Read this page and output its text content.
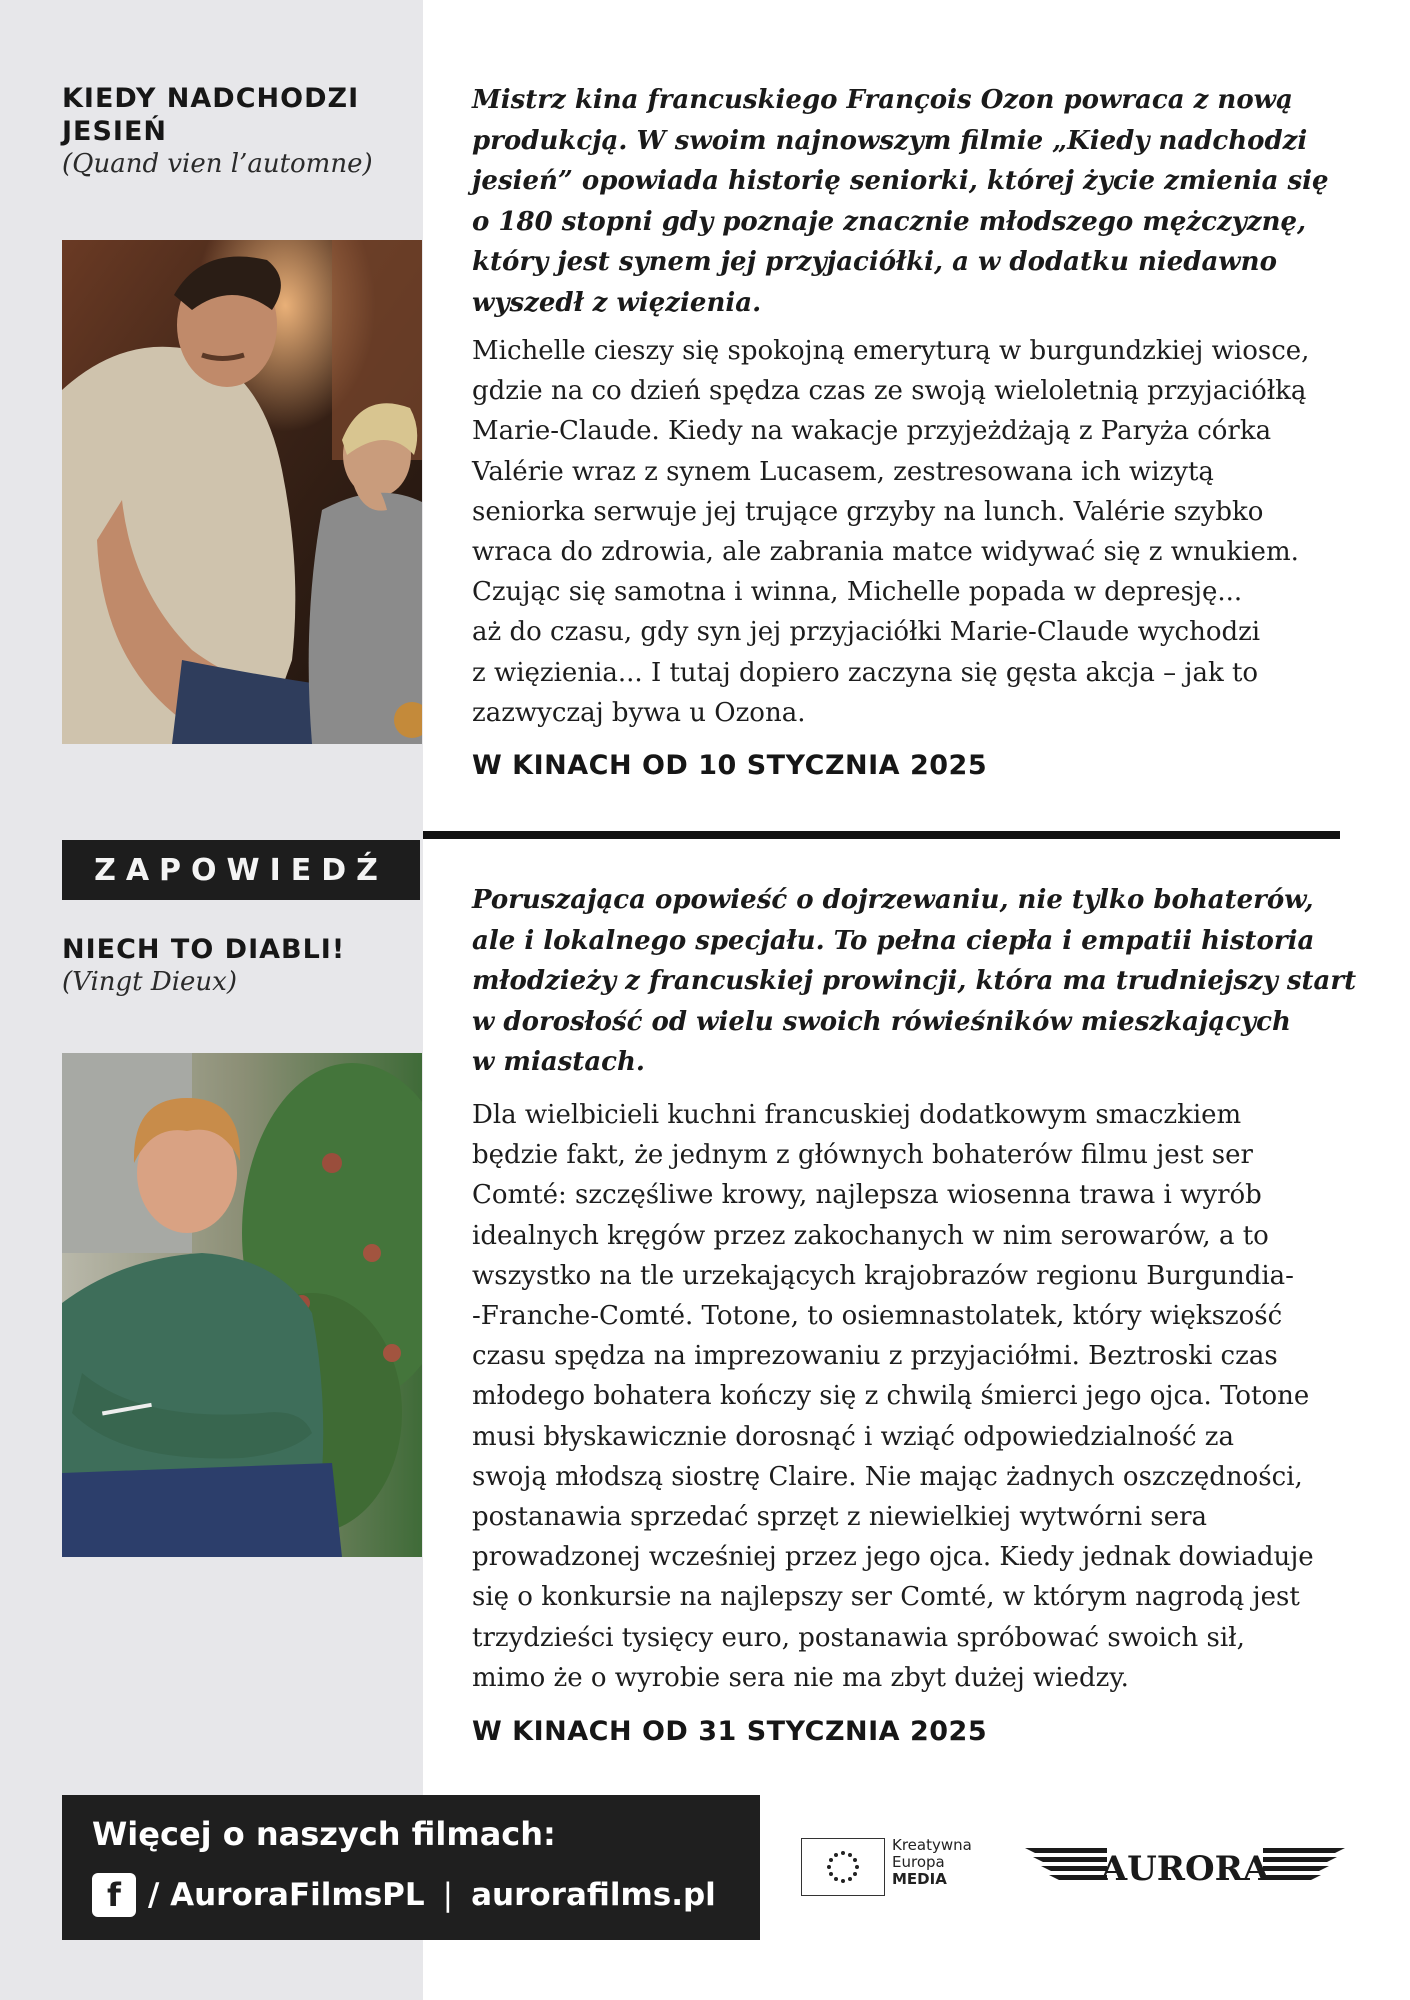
KIEDY NADCHODZI
JESIEŃ
(Quand vien l’automne)

Mistrz kina francuskiego François Ozon powraca z nową
produkcją. W swoim najnowszym filmie „Kiedy nadchodzi
jesień” opowiada historię seniorki, której życie zmienia się
o 180 stopni gdy poznaje znacznie młodszego mężczyznę,
który jest synem jej przyjaciółki, a w dodatku niedawno
wyszedł z więzienia.

Michelle cieszy się spokojną emeryturą w burgundzkiej wiosce,
gdzie na co dzień spędza czas ze swoją wieloletnią przyjaciółką
Marie-Claude. Kiedy na wakacje przyjeżdżają z Paryża córka
Valérie wraz z synem Lucasem, zestresowana ich wizytą
seniorka serwuje jej trujące grzyby na lunch. Valérie szybko
wraca do zdrowia, ale zabrania matce widywać się z wnukiem.
Czując się samotna i winna, Michelle popada w depresję...
aż do czasu, gdy syn jej przyjaciółki Marie-Claude wychodzi
z więzienia... I tutaj dopiero zaczyna się gęsta akcja – jak to
zazwyczaj bywa u Ozona.

W KINACH OD 10 STYCZNIA 2025
ZAPOWIEDŹ
NIECH TO DIABLI!
(Vingt Dieux)

Poruszająca opowieść o dojrzewaniu, nie tylko bohaterów,
ale i lokalnego specjału. To pełna ciepła i empatii historia
młodzieży z francuskiej prowincji, która ma trudniejszy start
w dorosłość od wielu swoich rówieśników mieszkających
w miastach.

Dla wielbicieli kuchni francuskiej dodatkowym smaczkiem
będzie fakt, że jednym z głównych bohaterów filmu jest ser
Comté: szczęśliwe krowy, najlepsza wiosenna trawa i wyrób
idealnych kręgów przez zakochanych w nim serowarów, a to
wszystko na tle urzekających krajobrazów regionu Burgundia-
-Franche-Comté. Totone, to osiemnastolatek, który większość
czasu spędza na imprezowaniu z przyjaciółmi. Beztroski czas
młodego bohatera kończy się z chwilą śmierci jego ojca. Totone
musi błyskawicznie dorosnąć i wziąć odpowiedzialność za
swoją młodszą siostrę Claire. Nie mając żadnych oszczędności,
postanawia sprzedać sprzęt z niewielkiej wytwórni sera
prowadzonej wcześniej przez jego ojca. Kiedy jednak dowiaduje
się o konkursie na najlepszy ser Comté, w którym nagrodą jest
trzydzieści tysięcy euro, postanawia spróbować swoich sił,
mimo że o wyrobie sera nie ma zbyt dużej wiedzy.

W KINACH OD 31 STYCZNIA 2025
Więcej o naszych filmach:
f / AuroraFilmsPL | aurorafilms.pl
Kreatywna
Europa
MEDIA	AURORA
